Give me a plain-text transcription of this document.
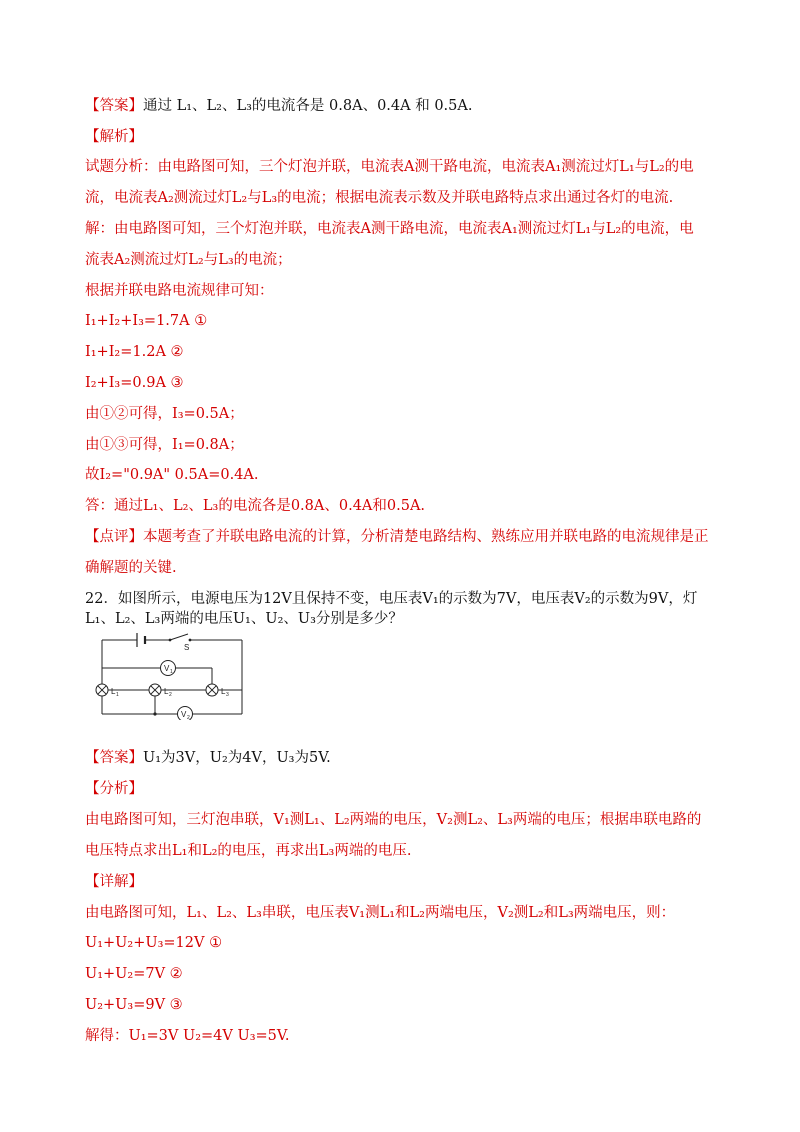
【答案】通过 L₁、L₂、L₃的电流各是 0.8A、0.4A 和 0.5A.
【解析】
试题分析：由电路图可知，三个灯泡并联，电流表A测干路电流，电流表A₁测流过灯L₁与L₂的电
流，电流表A₂测流过灯L₂与L₃的电流；根据电流表示数及并联电路特点求出通过各灯的电流.
解：由电路图可知，三个灯泡并联，电流表A测干路电流，电流表A₁测流过灯L₁与L₂的电流，电
流表A₂测流过灯L₂与L₃的电流；
根据并联电路电流规律可知：
I₁+I₂+I₃=1.7A ①
I₁+I₂=1.2A ②
I₂+I₃=0.9A ③
由①②可得，I₃=0.5A；
由①③可得，I₁=0.8A；
故I₂="0.9A" 0.5A=0.4A.
答：通过L₁、L₂、L₃的电流各是0.8A、0.4A和0.5A.
【点评】本题考查了并联电路电流的计算，分析清楚电路结构、熟练应用并联电路的电流规律是正
确解题的关键.
22．如图所示，电源电压为12V且保持不变，电压表V₁的示数为7V，电压表V₂的示数为9V，灯
L₁、L₂、L₃两端的电压U₁、U₂、U₃分别是多少？
S
V 1
V 2
L 1	L 2	L 3
【答案】U₁为3V，U₂为4V，U₃为5V.
【分析】
由电路图可知，三灯泡串联，V₁测L₁、L₂两端的电压，V₂测L₂、L₃两端的电压；根据串联电路的
电压特点求出L₁和L₂的电压，再求出L₃两端的电压.
【详解】
由电路图可知，L₁、L₂、L₃串联，电压表V₁测L₁和L₂两端电压，V₂测L₂和L₃两端电压，则：
U₁+U₂+U₃=12V ①
U₁+U₂=7V ②
U₂+U₃=9V ③
解得：U₁=3V U₂=4V U₃=5V.
